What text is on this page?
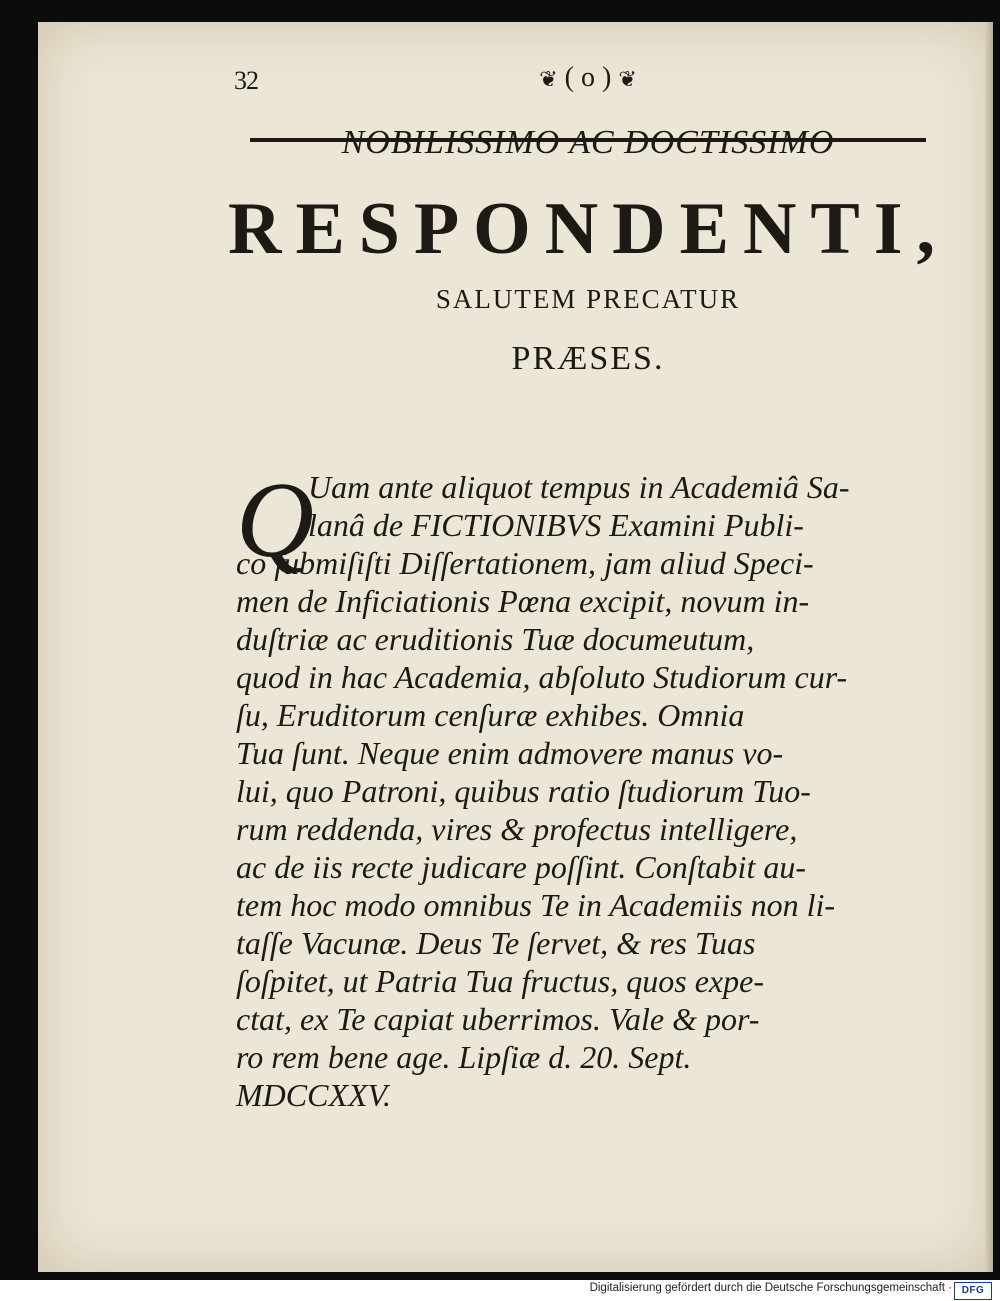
32	❦ ( o ) ❦
NOBILISSIMO AC DOCTISSIMO
RESPONDENTI,
SALUTEM PRECATUR
PRÆSES.
Q
Uam ante aliquot tempus in Academiâ Sa-
lanâ de FICTIONIBVS Examini Publi-
co ſubmiſiſti Diſſertationem, jam aliud Speci-
men de Inficiationis Pœna excipit, novum in-
duſtriæ ac eruditionis Tuæ documeutum,
quod in hac Academia, abſoluto Studiorum cur-
ſu, Eruditorum cenſuræ exhibes. Omnia
Tua ſunt. Neque enim admovere manus vo-
lui, quo Patroni, quibus ratio ſtudiorum Tuo-
rum reddenda, vires & profectus intelligere,
ac de iis recte judicare poſſint. Conſtabit au-
tem hoc modo omnibus Te in Academiis non li-
taſſe Vacunæ. Deus Te ſervet, & res Tuas
ſoſpitet, ut Patria Tua fructus, quos expe-
ctat, ex Te capiat uberrimos. Vale & por-
ro rem bene age. Lipſiæ d. 20. Sept.
MDCCXXV.
Digitalisierung gefördert durch die Deutsche Forschungsgemeinschaft · DFG
